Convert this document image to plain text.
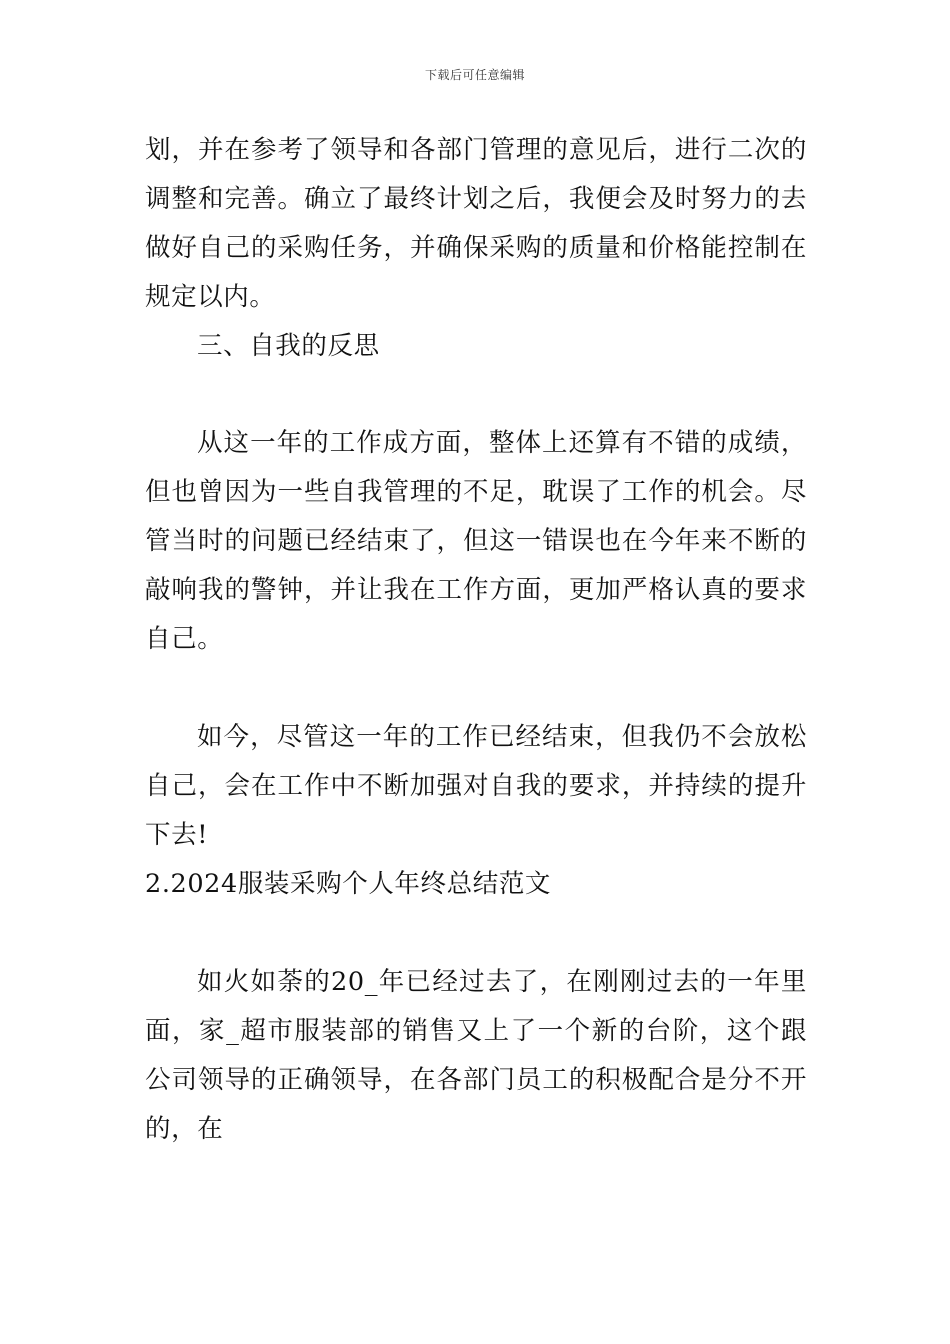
下载后可任意编辑

划，并在参考了领导和各部门管理的意见后，进行二次的调整和完善。确立了最终计划之后，我便会及时努力的去做好自己的采购任务，并确保采购的质量和价格能控制在规定以内。

三、自我的反思

从这一年的工作成方面，整体上还算有不错的成绩，但也曾因为一些自我管理的不足，耽误了工作的机会。尽管当时的问题已经结束了，但这一错误也在今年来不断的敲响我的警钟，并让我在工作方面，更加严格认真的要求自己。

如今，尽管这一年的工作已经结束，但我仍不会放松自己，会在工作中不断加强对自我的要求，并持续的提升下去!

2.2024服装采购个人年终总结范文

如火如荼的20_年已经过去了，在刚刚过去的一年里面，家_超市服装部的销售又上了一个新的台阶，这个跟公司领导的正确领导，在各部门员工的积极配合是分不开的，在
